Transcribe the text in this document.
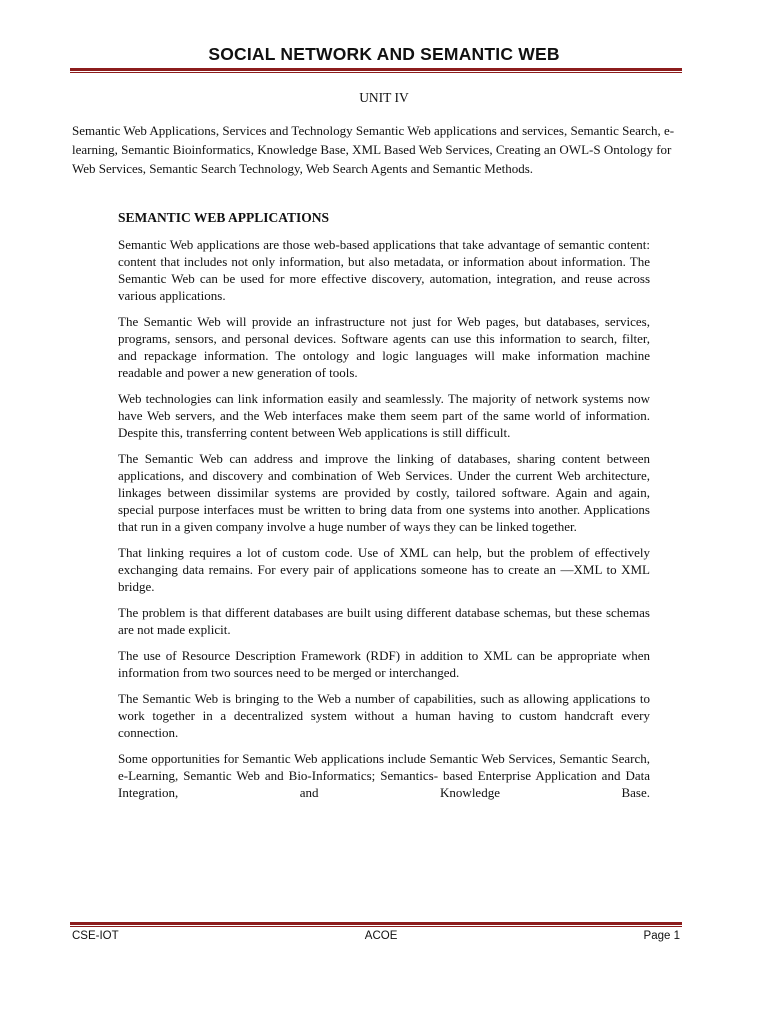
SOCIAL NETWORK AND SEMANTIC WEB

UNIT IV

Semantic Web Applications, Services and Technology Semantic Web applications and services, Semantic Search, e-learning, Semantic Bioinformatics, Knowledge Base, XML Based Web Services, Creating an OWL-S Ontology for Web Services, Semantic Search Technology, Web Search Agents and Semantic Methods.

SEMANTIC WEB APPLICATIONS

Semantic Web applications are those web-based applications that take advantage of semantic content: content that includes not only information, but also metadata, or information about information. The Semantic Web can be used for more effective discovery, automation, integration, and reuse across various applications.

The Semantic Web will provide an infrastructure not just for Web pages, but databases, services, programs, sensors, and personal devices. Software agents can use this information to search, filter, and repackage information. The ontology and logic languages will make information machine readable and power a new generation of tools.

Web technologies can link information easily and seamlessly. The majority of network systems now have Web servers, and the Web interfaces make them seem part of the same world of information. Despite this, transferring content between Web applications is still difficult.

The Semantic Web can address and improve the linking of databases, sharing content between applications, and discovery and combination of Web Services. Under the current Web architecture, linkages between dissimilar systems are provided by costly, tailored software. Again and again, special purpose interfaces must be written to bring data from one systems into another. Applications that run in a given company involve a huge number of ways they can be linked together.

That linking requires a lot of custom code. Use of XML can help, but the problem of effectively exchanging data remains. For every pair of applications someone has to create an —XML to XML bridge.

The problem is that different databases are built using different database schemas, but these schemas are not made explicit.

The use of Resource Description Framework (RDF) in addition to XML can be appropriate when information from two sources need to be merged or interchanged.

The Semantic Web is bringing to the Web a number of capabilities, such as allowing applications to work together in a decentralized system without a human having to custom handcraft every connection.

Some opportunities for Semantic Web applications include Semantic Web Services, Semantic Search, e-Learning, Semantic Web and Bio-Informatics; Semantics- based Enterprise Application and Data Integration, and Knowledge Base.

CSE-IOT	ACOE	Page 1
